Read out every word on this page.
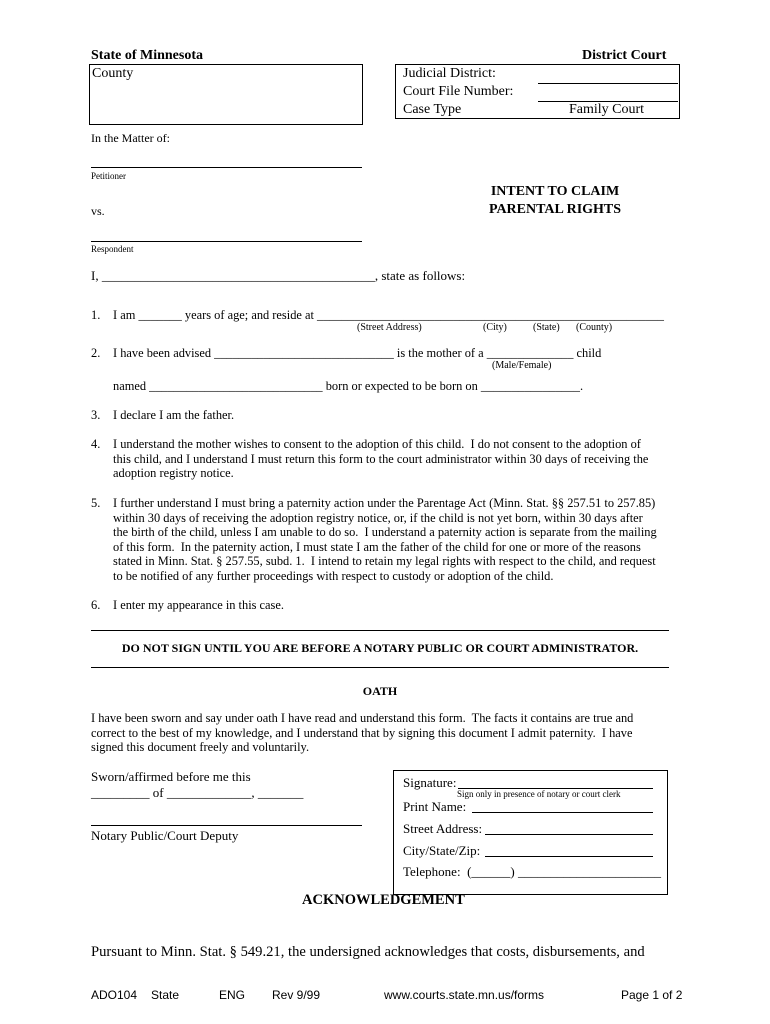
State of Minnesota	District Court
County	Judicial District:
Court File Number:
Case Type	Family Court
In the Matter of:
Petitioner
vs.
Respondent
INTENT TO CLAIM
PARENTAL RIGHTS
I, __________________________________________, state as follows:
1. I am _______ years of age; and reside at ________________________________________________________
(Street Address)	(City)	(State) (County)
2. I have been advised _____________________________ is the mother of a ______________ child
(Male/Female)
named ____________________________ born or expected to be born on ________________.
3. I declare I am the father.
4. I understand the mother wishes to consent to the adoption of this child.  I do not consent to the adoption of
this child, and I understand I must return this form to the court administrator within 30 days of receiving the
adoption registry notice.
5. I further understand I must bring a paternity action under the Parentage Act (Minn. Stat. §§ 257.51 to 257.85)
within 30 days of receiving the adoption registry notice, or, if the child is not yet born, within 30 days after
the birth of the child, unless I am unable to do so.  I understand a paternity action is separate from the mailing
of this form.  In the paternity action, I must state I am the father of the child for one or more of the reasons
stated in Minn. Stat. § 257.55, subd. 1.  I intend to retain my legal rights with respect to the child, and request
to be notified of any further proceedings with respect to custody or adoption of the child.
6. I enter my appearance in this case.
DO NOT SIGN UNTIL YOU ARE BEFORE A NOTARY PUBLIC OR COURT ADMINISTRATOR.
OATH
I have been sworn and say under oath I have read and understand this form.  The facts it contains are true and
correct to the best of my knowledge, and I understand that by signing this document I admit paternity.  I have
signed this document freely and voluntarily.
Sworn/affirmed before me this
_________ of _____________, _______
Notary Public/Court Deputy
Signature:
Sign only in presence of notary or court clerk
Print Name:
Street Address:
City/State/Zip:
Telephone:  (______) ______________________
ACKNOWLEDGEMENT
Pursuant to Minn. Stat. § 549.21, the undersigned acknowledges that costs, disbursements, and
ADO104 State	ENG Rev 9/99	www.courts.state.mn.us/forms	Page 1 of 2
